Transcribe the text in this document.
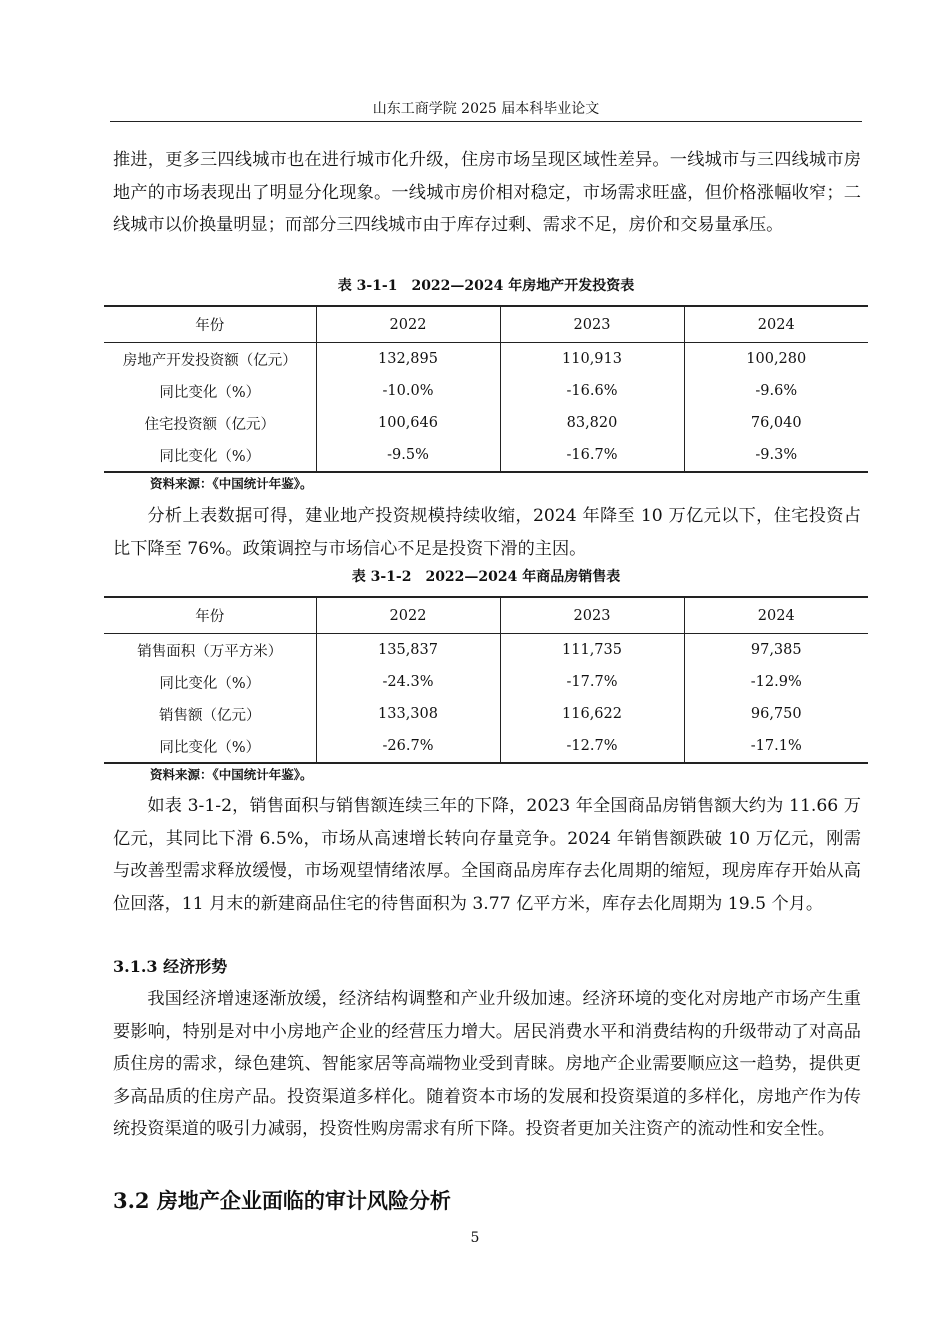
山东工商学院 2025 届本科毕业论文

推进，更多三四线城市也在进行城市化升级，住房市场呈现区域性差异。一线城市与三四线城市房地产的市场表现出了明显分化现象。一线城市房价相对稳定，市场需求旺盛，但价格涨幅收窄；二线城市以价换量明显；而部分三四线城市由于库存过剩、需求不足，房价和交易量承压。

表 3-1-1　2022—2024 年房地产开发投资表
年份	2022	2023	2024
房地产开发投资额（亿元）	132,895	110,913	100,280
同比变化（%）	-10.0%	-16.6%	-9.6%
住宅投资额（亿元）	100,646	83,820	76,040
同比变化（%）	-9.5%	-16.7%	-9.3%
资料来源：《中国统计年鉴》。

分析上表数据可得，建业地产投资规模持续收缩，2024 年降至 10 万亿元以下，住宅投资占比下降至 76%。政策调控与市场信心不足是投资下滑的主因。

表 3-1-2　2022—2024 年商品房销售表
年份	2022	2023	2024
销售面积（万平方米）	135,837	111,735	97,385
同比变化（%）	-24.3%	-17.7%	-12.9%
销售额（亿元）	133,308	116,622	96,750
同比变化（%）	-26.7%	-12.7%	-17.1%
资料来源：《中国统计年鉴》。

如表 3-1-2，销售面积与销售额连续三年的下降，2023 年全国商品房销售额大约为 11.66 万亿元，其同比下滑 6.5%，市场从高速增长转向存量竞争。2024 年销售额跌破 10 万亿元，刚需与改善型需求释放缓慢，市场观望情绪浓厚。全国商品房库存去化周期的缩短，现房库存开始从高位回落，11 月末的新建商品住宅的待售面积为 3.77 亿平方米，库存去化周期为 19.5 个月。

3.1.3 经济形势

我国经济增速逐渐放缓，经济结构调整和产业升级加速。经济环境的变化对房地产市场产生重要影响，特别是对中小房地产企业的经营压力增大。居民消费水平和消费结构的升级带动了对高品质住房的需求，绿色建筑、智能家居等高端物业受到青睐。房地产企业需要顺应这一趋势，提供更多高品质的住房产品。投资渠道多样化。随着资本市场的发展和投资渠道的多样化，房地产作为传统投资渠道的吸引力减弱，投资性购房需求有所下降。投资者更加关注资产的流动性和安全性。

3.2 房地产企业面临的审计风险分析
5
